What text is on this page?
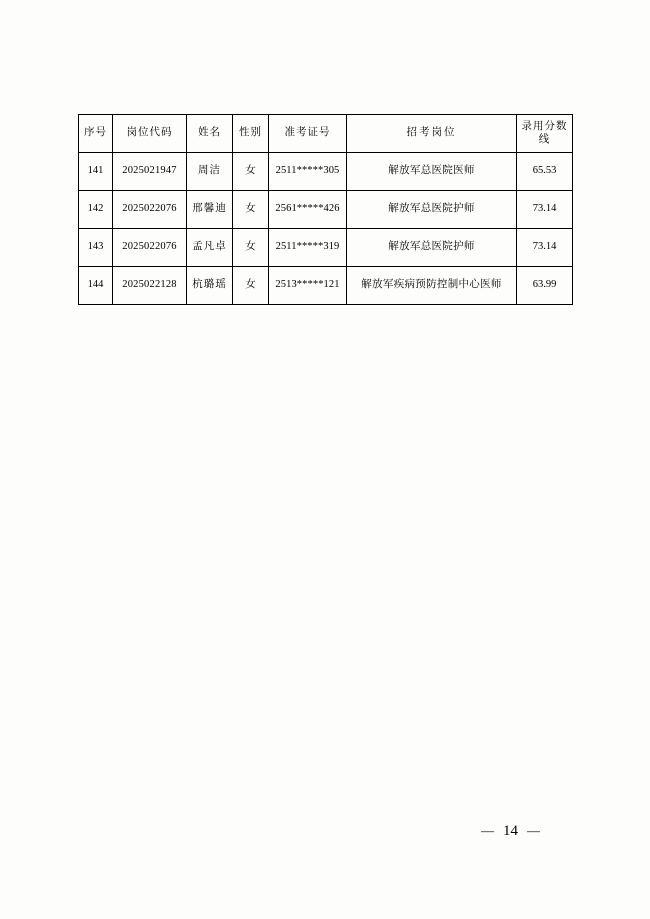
序号	岗位代码	姓名	性别	准考证号	招考岗位	录用分数线
141	2025021947	周洁	女	2511*****305	解放军总医院医师	65.53
142	2025022076	邢馨迪	女	2561*****426	解放军总医院护师	73.14
143	2025022076	孟凡卓	女	2511*****319	解放军总医院护师	73.14
144	2025022128	杭璐瑶	女	2513*****121	解放军疾病预防控制中心医师	63.99
— 14 —
